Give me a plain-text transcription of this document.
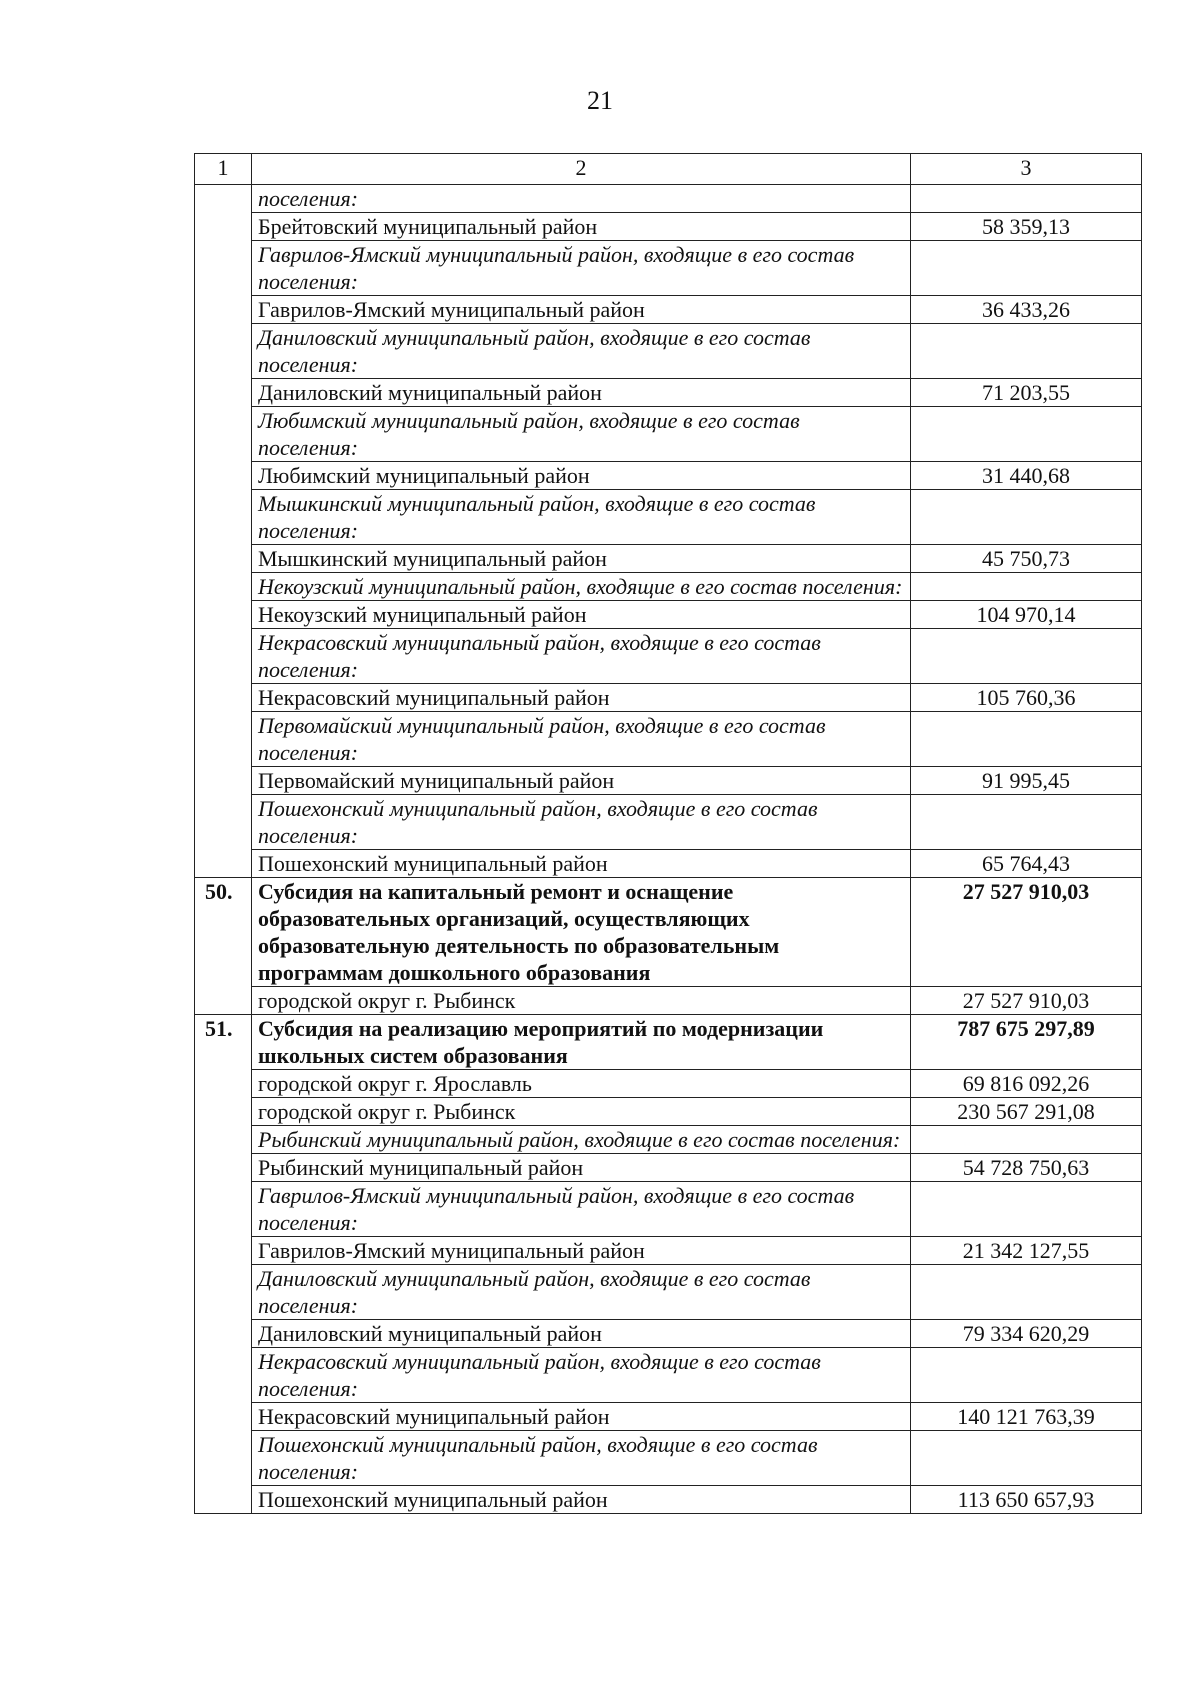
21
1	2	3
	поселения:	
	Брейтовский муниципальный район	58 359,13
	Гаврилов-Ямский муниципальный район, входящие в его состав поселения:	
	Гаврилов-Ямский муниципальный район	36 433,26
	Даниловский муниципальный район, входящие в его состав поселения:	
	Даниловский муниципальный район	71 203,55
	Любимский муниципальный район, входящие в его состав поселения:	
	Любимский муниципальный район	31 440,68
	Мышкинский муниципальный район, входящие в его состав поселения:	
	Мышкинский муниципальный район	45 750,73
	Некоузский муниципальный район, входящие в его состав поселения:	
	Некоузский муниципальный район	104 970,14
	Некрасовский муниципальный район, входящие в его состав поселения:	
	Некрасовский муниципальный район	105 760,36
	Первомайский муниципальный район, входящие в его состав поселения:	
	Первомайский муниципальный район	91 995,45
	Пошехонский муниципальный район, входящие в его состав поселения:	
	Пошехонский муниципальный район	65 764,43
50.	Субсидия на капитальный ремонт и оснащение образовательных организаций, осуществляющих образовательную деятельность по образовательным программам дошкольного образования	27 527 910,03
	городской округ г. Рыбинск	27 527 910,03
51.	Субсидия на реализацию мероприятий по модернизации школьных систем образования	787 675 297,89
	городской округ г. Ярославль	69 816 092,26
	городской округ г. Рыбинск	230 567 291,08
	Рыбинский муниципальный район, входящие в его состав поселения:	
	Рыбинский муниципальный район	54 728 750,63
	Гаврилов-Ямский муниципальный район, входящие в его состав поселения:	
	Гаврилов-Ямский муниципальный район	21 342 127,55
	Даниловский муниципальный район, входящие в его состав поселения:	
	Даниловский муниципальный район	79 334 620,29
	Некрасовский муниципальный район, входящие в его состав поселения:	
	Некрасовский муниципальный район	140 121 763,39
	Пошехонский муниципальный район, входящие в его состав поселения:	
	Пошехонский муниципальный район	113 650 657,93
